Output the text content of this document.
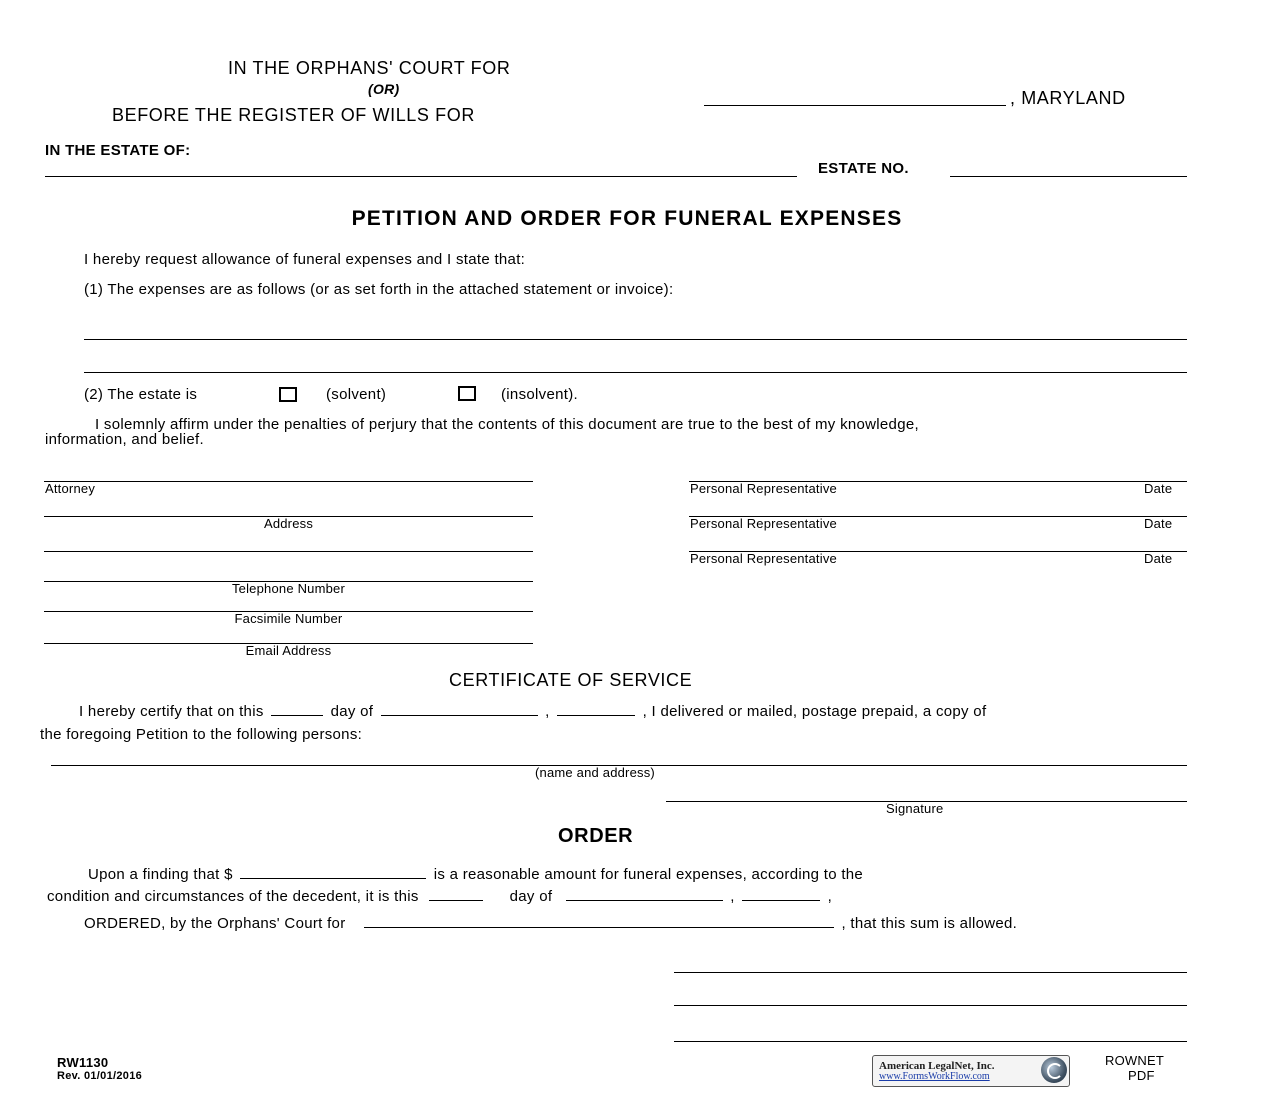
IN THE ORPHANS' COURT FOR
(OR)
BEFORE THE REGISTER OF WILLS FOR
, MARYLAND
IN THE ESTATE OF:
ESTATE NO.
PETITION AND ORDER FOR FUNERAL EXPENSES
I hereby request allowance of funeral expenses and I state that:
(1) The expenses are as follows (or as set forth in the attached statement or invoice):
(2) The estate is	(solvent)	(insolvent).
I solemnly affirm under the penalties of perjury that the contents of this document are true to the best of my knowledge,
information, and belief.
Attorney
Address
Telephone Number
Facsimile Number
Email Address
Personal Representative	Date
Personal Representative	Date
Personal Representative	Date
CERTIFICATE OF SERVICE
I hereby certify that on this	day of	,	, I delivered or mailed, postage prepaid, a copy of
the foregoing Petition to the following persons:
(name and address)
Signature
ORDER
Upon a finding that $	is a reasonable amount for funeral expenses, according to the
condition and circumstances of the decedent, it is this	day of	,	,
ORDERED, by the Orphans' Court for	, that this sum is allowed.
RW1130
Rev. 01/01/2016
American LegalNet, Inc.
www.FormsWorkFlow.com
ROWNET
PDF
